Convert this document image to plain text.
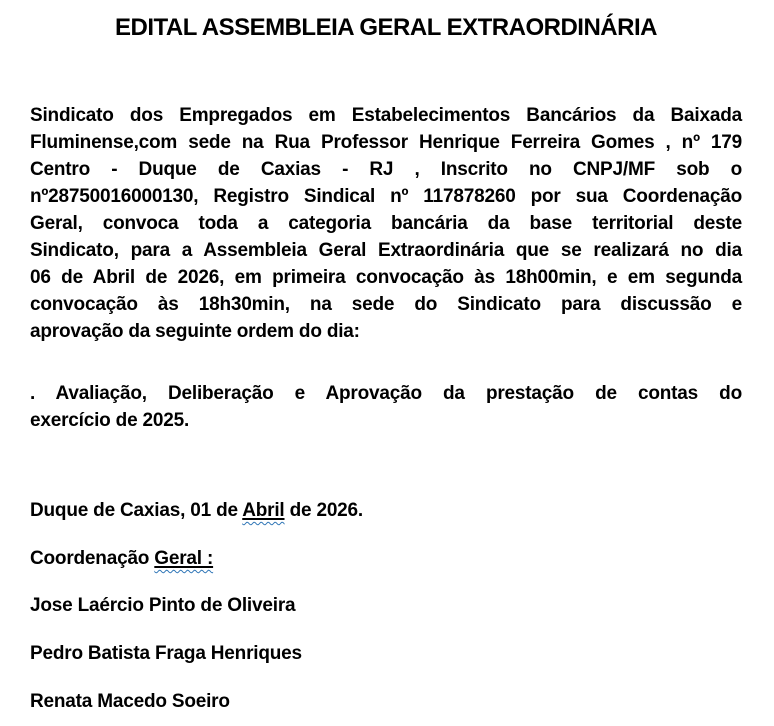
EDITAL ASSEMBLEIA GERAL EXTRAORDINÁRIA
Sindicato dos Empregados em Estabelecimentos Bancários da Baixada
Fluminense,com sede na Rua Professor Henrique Ferreira Gomes , nº 179
Centro - Duque de Caxias - RJ , Inscrito no CNPJ/MF sob o
nº28750016000130, Registro Sindical nº 117878260 por sua Coordenação
Geral, convoca toda a categoria bancária da base territorial deste
Sindicato, para a Assembleia Geral Extraordinária que se realizará no dia
06 de Abril de 2026, em primeira convocação às 18h00min, e em segunda
convocação às 18h30min, na sede do Sindicato para discussão e
aprovação da seguinte ordem do dia:
. Avaliação, Deliberação e Aprovação da prestação de contas do
exercício de 2025.
Duque de Caxias, 01 de Abril de 2026.
Coordenação Geral :
Jose Laércio Pinto de Oliveira
Pedro Batista Fraga Henriques
Renata Macedo Soeiro
